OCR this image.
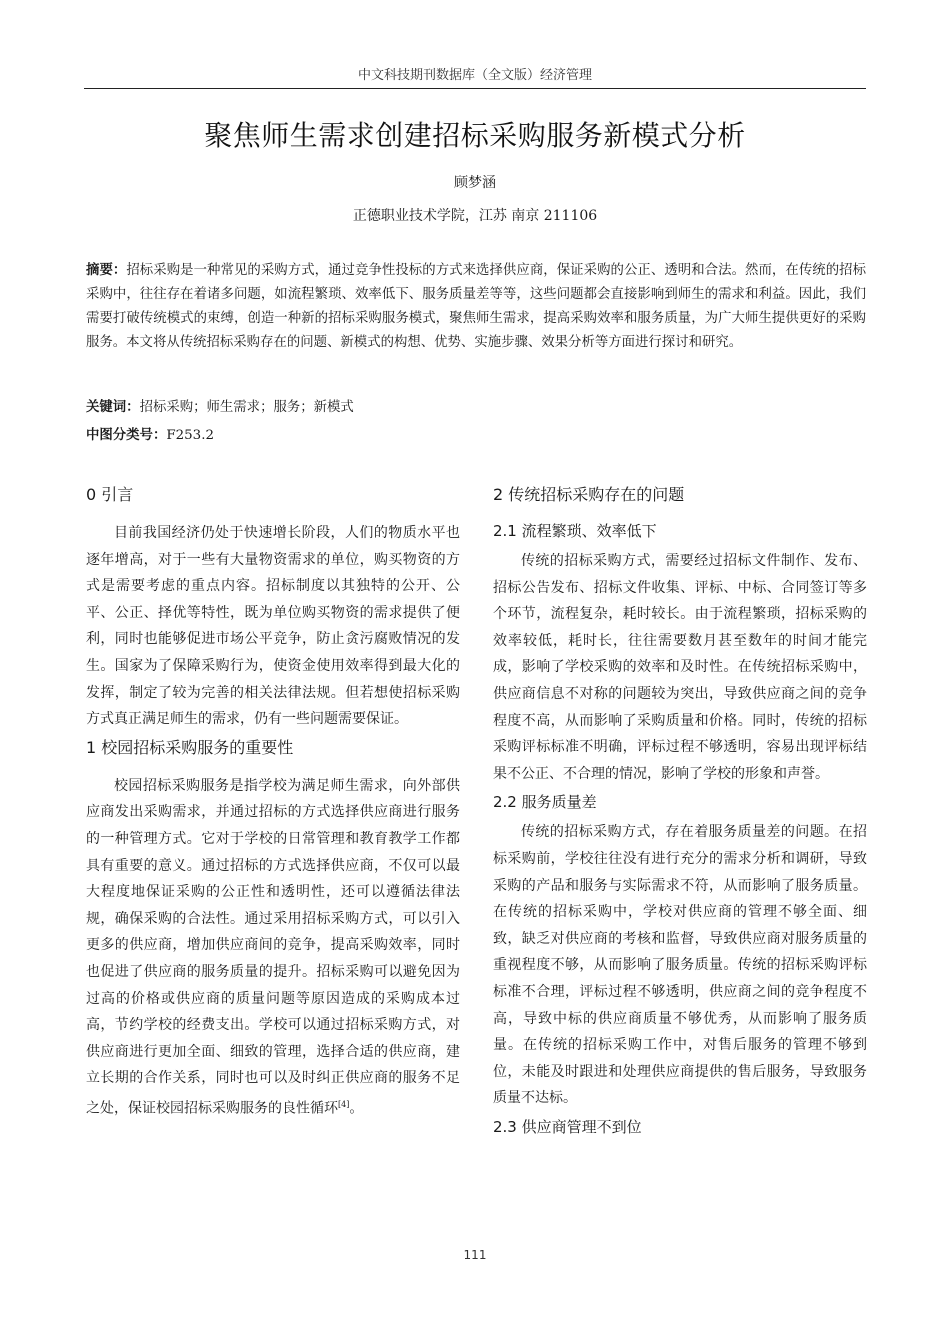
中文科技期刊数据库（全文版）经济管理
聚焦师生需求创建招标采购服务新模式分析
顾梦涵
正德职业技术学院，江苏 南京 211106
摘要：招标采购是一种常见的采购方式，通过竞争性投标的方式来选择供应商，保证采购的公正、透明和合法。然而，在传统的招标采购中，往往存在着诸多问题，如流程繁琐、效率低下、服务质量差等等，这些问题都会直接影响到师生的需求和利益。因此，我们需要打破传统模式的束缚，创造一种新的招标采购服务模式，聚焦师生需求，提高采购效率和服务质量，为广大师生提供更好的采购服务。本文将从传统招标采购存在的问题、新模式的构想、优势、实施步骤、效果分析等方面进行探讨和研究。
关键词：招标采购；师生需求；服务；新模式
中图分类号：F253.2
0 引言

目前我国经济仍处于快速增长阶段，人们的物质水平也逐年增高，对于一些有大量物资需求的单位，购买物资的方式是需要考虑的重点内容。招标制度以其独特的公开、公平、公正、择优等特性，既为单位购买物资的需求提供了便利，同时也能够促进市场公平竞争，防止贪污腐败情况的发生。国家为了保障采购行为，使资金使用效率得到最大化的发挥，制定了较为完善的相关法律法规。但若想使招标采购方式真正满足师生的需求，仍有一些问题需要保证。

1 校园招标采购服务的重要性

校园招标采购服务是指学校为满足师生需求，向外部供应商发出采购需求，并通过招标的方式选择供应商进行服务的一种管理方式。它对于学校的日常管理和教育教学工作都具有重要的意义。通过招标的方式选择供应商，不仅可以最大程度地保证采购的公正性和透明性，还可以遵循法律法规，确保采购的合法性。通过采用招标采购方式，可以引入更多的供应商，增加供应商间的竞争，提高采购效率，同时也促进了供应商的服务质量的提升。招标采购可以避免因为过高的价格或供应商的质量问题等原因造成的采购成本过高，节约学校的经费支出。学校可以通过招标采购方式，对供应商进行更加全面、细致的管理，选择合适的供应商，建立长期的合作关系，同时也可以及时纠正供应商的服务不足之处，保证校园招标采购服务的良性循环[4]。

2 传统招标采购存在的问题
2.1 流程繁琐、效率低下

传统的招标采购方式，需要经过招标文件制作、发布、招标公告发布、招标文件收集、评标、中标、合同签订等多个环节，流程复杂，耗时较长。由于流程繁琐，招标采购的效率较低，耗时长，往往需要数月甚至数年的时间才能完成，影响了学校采购的效率和及时性。在传统招标采购中，供应商信息不对称的问题较为突出，导致供应商之间的竞争程度不高，从而影响了采购质量和价格。同时，传统的招标采购评标标准不明确，评标过程不够透明，容易出现评标结果不公正、不合理的情况，影响了学校的形象和声誉。

2.2 服务质量差

传统的招标采购方式，存在着服务质量差的问题。在招标采购前，学校往往没有进行充分的需求分析和调研，导致采购的产品和服务与实际需求不符，从而影响了服务质量。在传统的招标采购中，学校对供应商的管理不够全面、细致，缺乏对供应商的考核和监督，导致供应商对服务质量的重视程度不够，从而影响了服务质量。传统的招标采购评标标准不合理，评标过程不够透明，供应商之间的竞争程度不高，导致中标的供应商质量不够优秀，从而影响了服务质量。在传统的招标采购工作中，对售后服务的管理不够到位，未能及时跟进和处理供应商提供的售后服务，导致服务质量不达标。

2.3 供应商管理不到位
111
